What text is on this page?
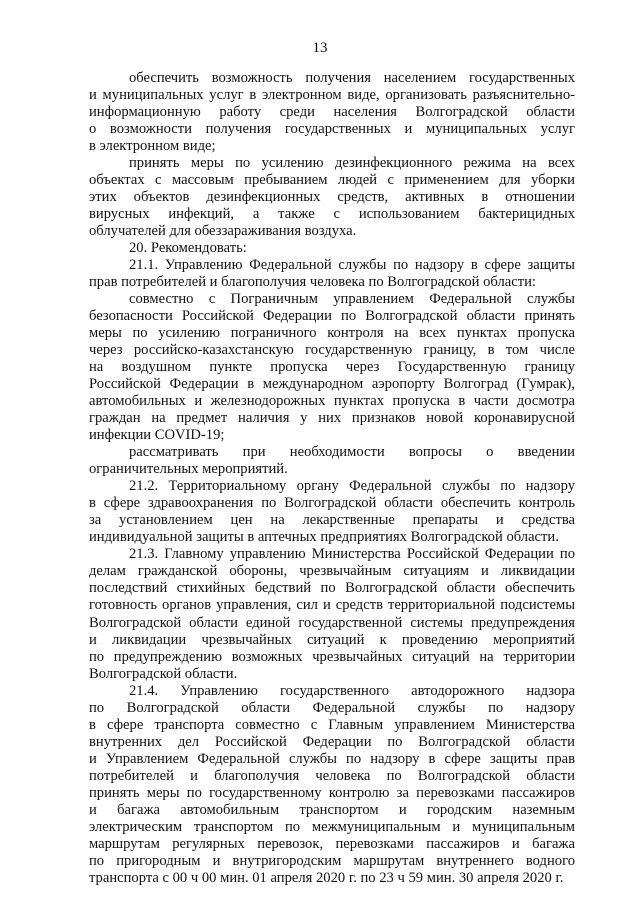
13
обеспечить возможность получения населением государственных
и муниципальных услуг в электронном виде, организовать разъяснительно-
информационную работу среди населения Волгоградской области
о возможности получения государственных и муниципальных услуг
в электронном виде;
принять меры по усилению дезинфекционного режима на всех
объектах с массовым пребыванием людей с применением для уборки
этих объектов дезинфекционных средств, активных в отношении
вирусных инфекций, а также с использованием бактерицидных
облучателей для обеззараживания воздуха.
20. Рекомендовать:
21.1. Управлению Федеральной службы по надзору в сфере защиты
прав потребителей и благополучия человека по Волгоградской области:
совместно с Пограничным управлением Федеральной службы
безопасности Российской Федерации по Волгоградской области принять
меры по усилению пограничного контроля на всех пунктах пропуска
через российско-казахстанскую государственную границу, в том числе
на воздушном пункте пропуска через Государственную границу
Российской Федерации в международном аэропорту Волгоград (Гумрак),
автомобильных и железнодорожных пунктах пропуска в части досмотра
граждан на предмет наличия у них признаков новой коронавирусной
инфекции COVID-19;
рассматривать при необходимости вопросы о введении
ограничительных мероприятий.
21.2. Территориальному органу Федеральной службы по надзору
в сфере здравоохранения по Волгоградской области обеспечить контроль
за установлением цен на лекарственные препараты и средства
индивидуальной защиты в аптечных предприятиях Волгоградской области.
21.3. Главному управлению Министерства Российской Федерации по
делам гражданской обороны, чрезвычайным ситуациям и ликвидации
последствий стихийных бедствий по Волгоградской области обеспечить
готовность органов управления, сил и средств территориальной подсистемы
Волгоградской области единой государственной системы предупреждения
и ликвидации чрезвычайных ситуаций к проведению мероприятий
по предупреждению возможных чрезвычайных ситуаций на территории
Волгоградской области.
21.4. Управлению государственного автодорожного надзора
по Волгоградской области Федеральной службы по надзору
в сфере транспорта совместно с Главным управлением Министерства
внутренних дел Российской Федерации по Волгоградской области
и Управлением Федеральной службы по надзору в сфере защиты прав
потребителей и благополучия человека по Волгоградской области
принять меры по государственному контролю за перевозками пассажиров
и багажа автомобильным транспортом и городским наземным
электрическим транспортом по межмуниципальным и муниципальным
маршрутам регулярных перевозок, перевозками пассажиров и багажа
по пригородным и внутригородским маршрутам внутреннего водного
транспорта с 00 ч 00 мин. 01 апреля 2020 г. по 23 ч 59 мин. 30 апреля 2020 г.
